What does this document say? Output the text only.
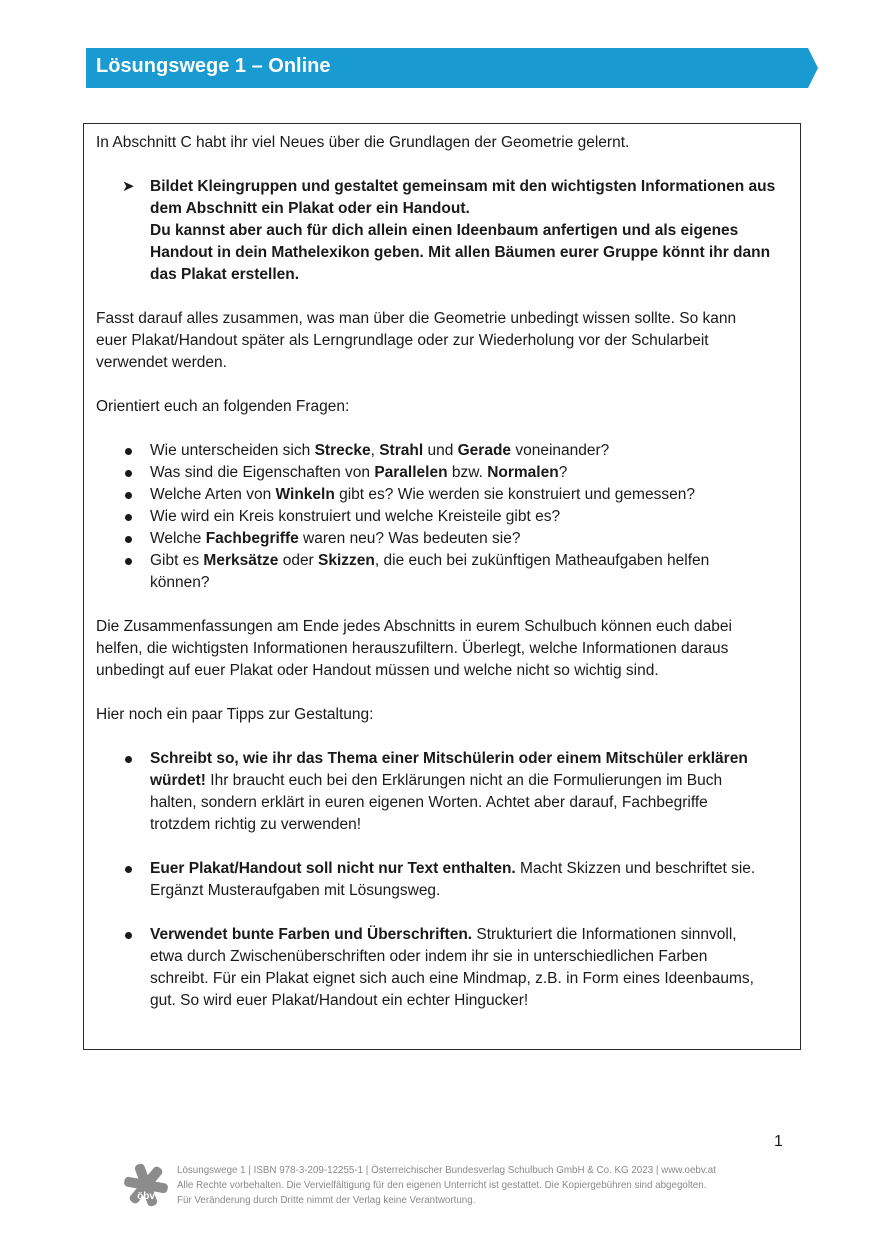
Lösungswege 1 – Online

In Abschnitt C habt ihr viel Neues über die Grundlagen der Geometrie gelernt.

➤ Bildet Kleingruppen und gestaltet gemeinsam mit den wichtigsten Informationen aus
dem Abschnitt ein Plakat oder ein Handout.
Du kannst aber auch für dich allein einen Ideenbaum anfertigen und als eigenes
Handout in dein Mathelexikon geben. Mit allen Bäumen eurer Gruppe könnt ihr dann
das Plakat erstellen.
Fasst darauf alles zusammen, was man über die Geometrie unbedingt wissen sollte. So kann
euer Plakat/Handout später als Lerngrundlage oder zur Wiederholung vor der Schularbeit
verwendet werden.

Orientiert euch an folgenden Fragen:

Wie unterscheiden sich Strecke, Strahl und Gerade voneinander?
Was sind die Eigenschaften von Parallelen bzw. Normalen?
Welche Arten von Winkeln gibt es? Wie werden sie konstruiert und gemessen?
Wie wird ein Kreis konstruiert und welche Kreisteile gibt es?
Welche Fachbegriffe waren neu? Was bedeuten sie?
Gibt es Merksätze oder Skizzen, die euch bei zukünftigen Matheaufgaben helfen
können?
Die Zusammenfassungen am Ende jedes Abschnitts in eurem Schulbuch können euch dabei
helfen, die wichtigsten Informationen herauszufiltern. Überlegt, welche Informationen daraus
unbedingt auf euer Plakat oder Handout müssen und welche nicht so wichtig sind.

Hier noch ein paar Tipps zur Gestaltung:

Schreibt so, wie ihr das Thema einer Mitschülerin oder einem Mitschüler erklären
würdet! Ihr braucht euch bei den Erklärungen nicht an die Formulierungen im Buch
halten, sondern erklärt in euren eigenen Worten. Achtet aber darauf, Fachbegriffe
trotzdem richtig zu verwenden!
Euer Plakat/Handout soll nicht nur Text enthalten. Macht Skizzen und beschriftet sie.
Ergänzt Musteraufgaben mit Lösungsweg.
Verwendet bunte Farben und Überschriften. Strukturiert die Informationen sinnvoll,
etwa durch Zwischenüberschriften oder indem ihr sie in unterschiedlichen Farben
schreibt. Für ein Plakat eignet sich auch eine Mindmap, z.B. in Form eines Ideenbaums,
gut. So wird euer Plakat/Handout ein echter Hingucker!
1
öbv
Lösungswege 1 | ISBN 978-3-209-12255-1 | Österreichischer Bundesverlag Schulbuch GmbH & Co. KG 2023 | www.oebv.at
Alle Rechte vorbehalten. Die Vervielfältigung für den eigenen Unterricht ist gestattet. Die Kopiergebühren sind abgegolten.
Für Veränderung durch Dritte nimmt der Verlag keine Verantwortung.
